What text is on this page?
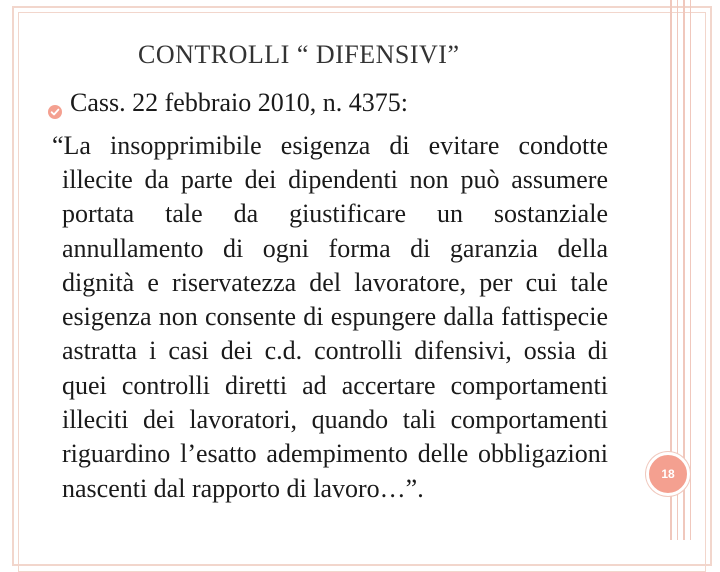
CONTROLLI “ DIFENSIVI”
Cass. 22 febbraio 2010, n. 4375:
“La insopprimibile esigenza di evitare condotte
illecite da parte dei dipendenti non può assumere portata tale da giustificare un sostanziale annullamento di ogni forma di garanzia della dignità e riservatezza del lavoratore, per cui tale esigenza non consente di espungere dalla fattispecie astratta i casi dei c.d. controlli difensivi, ossia di quei controlli diretti ad accertare comportamenti illeciti dei lavoratori, quando tali comportamenti riguardino l’esatto adempimento delle obbligazioni nascenti dal rapporto di lavoro…”.	18
